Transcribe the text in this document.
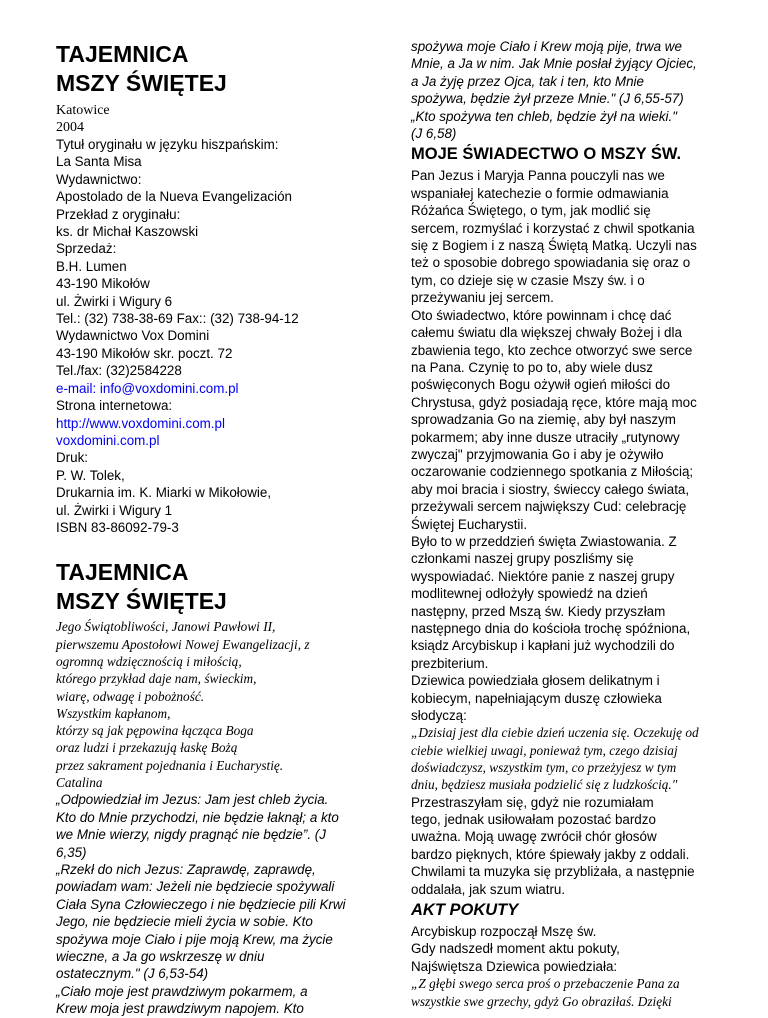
TAJEMNICA
MSZY ŚWIĘTEJ
Katowice
2004
Tytuł oryginału w języku hiszpańskim:
La Santa Misa
Wydawnictwo:
Apostolado de la Nueva Evangelización
Przekład z oryginału:
ks. dr Michał Kaszowski
Sprzedaż:
B.H. Lumen
43-190 Mikołów
ul. Żwirki i Wigury 6
Tel.: (32) 738-38-69 Fax:: (32) 738-94-12
Wydawnictwo Vox Domini
43-190 Mikołów skr. poczt. 72
Tel./fax: (32)2584228
e-mail: info@voxdomini.com.pl
Strona internetowa:
http://www.voxdomini.com.pl
voxdomini.com.pl
Druk:
P. W. Tolek,
Drukarnia im. K. Miarki w Mikołowie,
ul. Żwirki i Wigury 1
ISBN 83-86092-79-3
TAJEMNICA
MSZY ŚWIĘTEJ
Jego Świątobliwości, Janowi Pawłowi II,
pierwszemu Apostołowi Nowej Ewangelizacji, z
ogromną wdzięcznością i miłością,
którego przykład daje nam, świeckim,
wiarę, odwagę i pobożność.
Wszystkim kapłanom,
którzy są jak pępowina łącząca Boga
oraz ludzi i przekazują łaskę Bożą
przez sakrament pojednania i Eucharystię.
Catalina
„Odpowiedział im Jezus: Jam jest chleb życia.
Kto do Mnie przychodzi, nie będzie łaknął; a kto
we Mnie wierzy, nigdy pragnąć nie będzie”. (J
6,35)
„Rzekł do nich Jezus: Zaprawdę, zaprawdę,
powiadam wam: Jeżeli nie będziecie spożywali
Ciała Syna Człowieczego i nie będziecie pili Krwi
Jego, nie będziecie mieli życia w sobie. Kto
spożywa moje Ciało i pije moją Krew, ma życie
wieczne, a Ja go wskrzeszę w dniu
ostatecznym." (J 6,53-54)
„Ciało moje jest prawdziwym pokarmem, a
Krew moja jest prawdziwym napojem. Kto
spożywa moje Ciało i Krew moją pije, trwa we
Mnie, a Ja w nim. Jak Mnie posłał żyjący Ojciec,
a Ja żyję przez Ojca, tak i ten, kto Mnie
spożywa, będzie żył przeze Mnie." (J 6,55-57)
„Kto spożywa ten chleb, będzie żył na wieki."
(J 6,58)
MOJE ŚWIADECTWO O MSZY ŚW.
Pan Jezus i Maryja Panna pouczyli nas we
wspaniałej katechezie o formie odmawiania
Różańca Świętego, o tym, jak modlić się
sercem, rozmyślać i korzystać z chwil spotkania
się z Bogiem i z naszą Świętą Matką. Uczyli nas
też o sposobie dobrego spowiadania się oraz o
tym, co dzieje się w czasie Mszy św. i o
przeżywaniu jej sercem.
Oto świadectwo, które powinnam i chcę dać
całemu światu dla większej chwały Bożej i dla
zbawienia tego, kto zechce otworzyć swe serce
na Pana. Czynię to po to, aby wiele dusz
poświęconych Bogu ożywił ogień miłości do
Chrystusa, gdyż posiadają ręce, które mają moc
sprowadzania Go na ziemię, aby był naszym
pokarmem; aby inne dusze utraciły „rutynowy
zwyczaj" przyjmowania Go i aby je ożywiło
oczarowanie codziennego spotkania z Miłością;
aby moi bracia i siostry, świeccy całego świata,
przeżywali sercem największy Cud: celebrację
Świętej Eucharystii.
Było to w przeddzień święta Zwiastowania. Z
członkami naszej grupy poszliśmy się
wyspowiadać. Niektóre panie z naszej grupy
modlitewnej odłożyły spowiedź na dzień
następny, przed Mszą św. Kiedy przyszłam
następnego dnia do kościoła trochę spóźniona,
ksiądz Arcybiskup i kapłani już wychodzili do
prezbiterium.
Dziewica powiedziała głosem delikatnym i
kobiecym, napełniającym duszę człowieka
słodyczą:
„Dzisiaj jest dla ciebie dzień uczenia się. Oczekuję od
ciebie wielkiej uwagi, ponieważ tym, czego dzisiaj
doświadczysz, wszystkim tym, co przeżyjesz w tym
dniu, będziesz musiała podzielić się z ludzkością."
Przestraszyłam się, gdyż nie rozumiałam
tego, jednak usiłowałam pozostać bardzo
uważna. Moją uwagę zwrócił chór głosów
bardzo pięknych, które śpiewały jakby z oddali.
Chwilami ta muzyka się przybliżała, a następnie
oddalała, jak szum wiatru.
AKT POKUTY
Arcybiskup rozpoczął Mszę św.
Gdy nadszedł moment aktu pokuty,
Najświętsza Dziewica powiedziała:
„Z głębi swego serca proś o przebaczenie Pana za
wszystkie swe grzechy, gdyż Go obraziłaś. Dzięki
